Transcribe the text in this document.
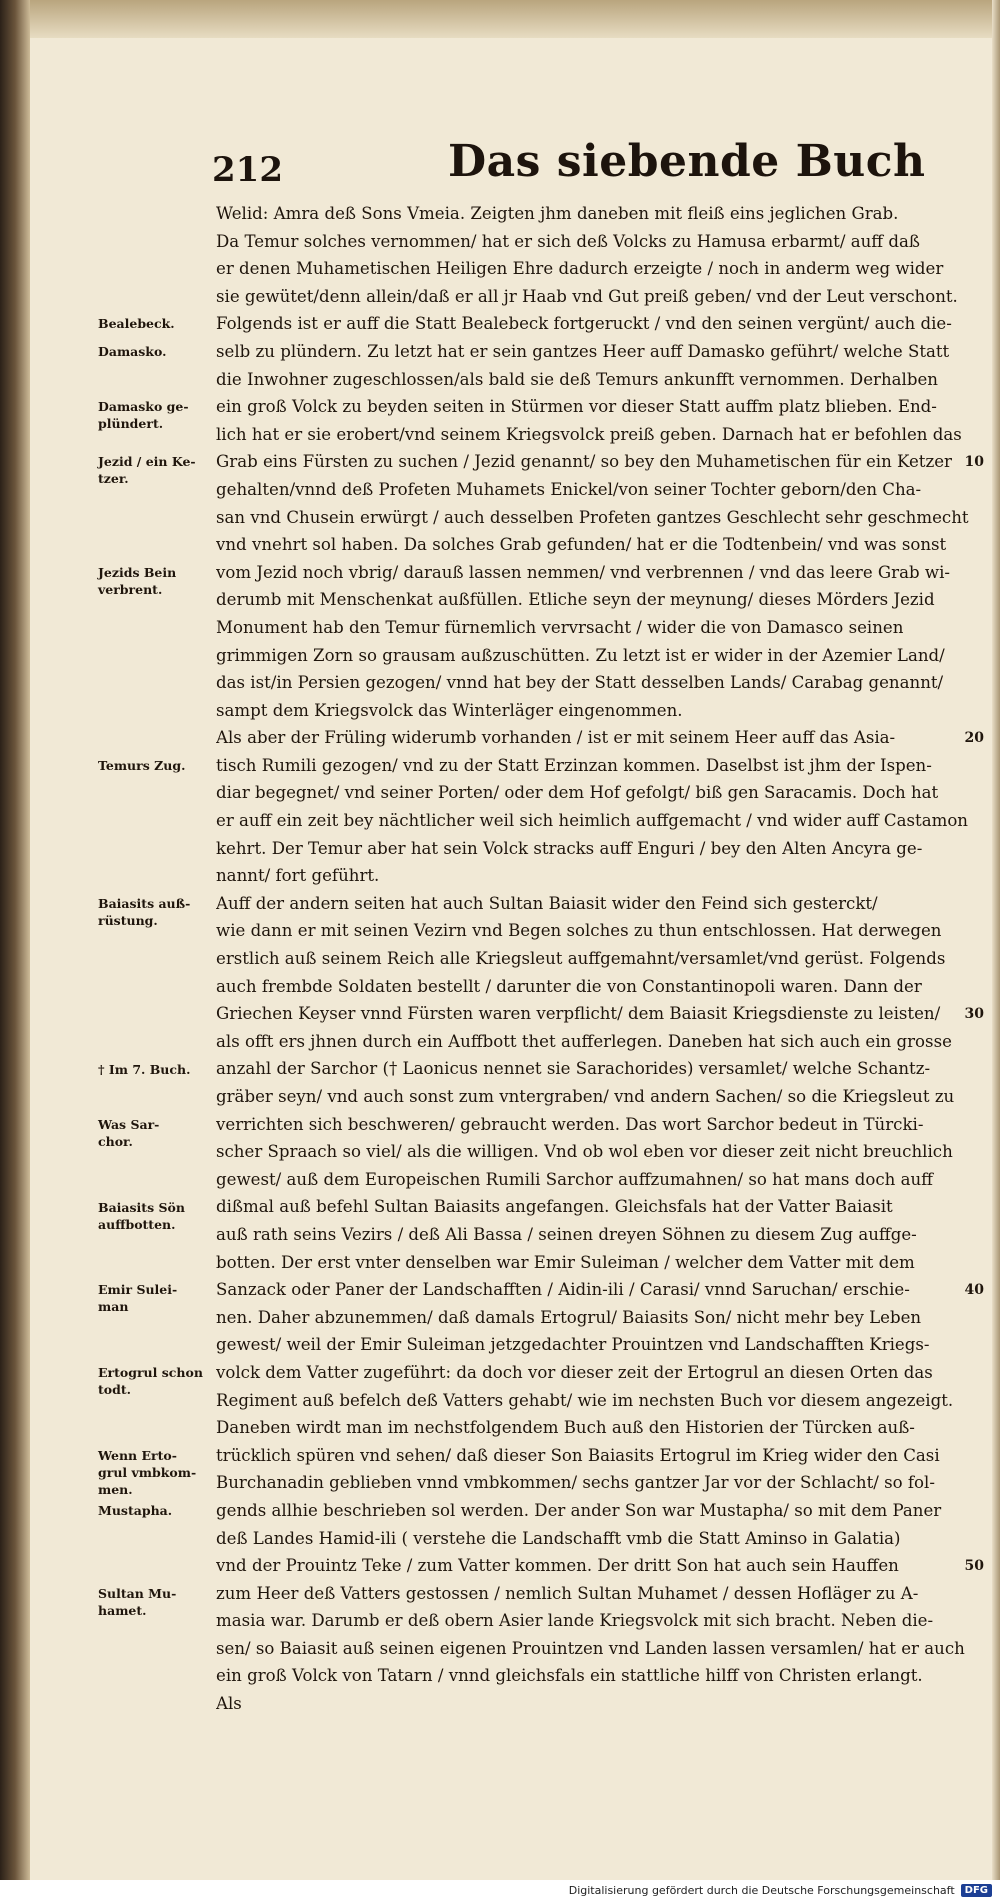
212	Das siebende Buch
Welid: Amra deß Sons Vmeia. Zeigten jhm daneben mit fleiß eins jeglichen Grab.
Da Temur solches vernommen/ hat er sich deß Volcks zu Hamusa erbarmt/ auff daß
er denen Muhametischen Heiligen Ehre dadurch erzeigte / noch in anderm weg wider
sie gewütet/denn allein/daß er all jr Haab vnd Gut preiß geben/ vnd der Leut verschont.
Folgends ist er auff die Statt Bealebeck fortgeruckt / vnd den seinen vergünt/ auch die-
selb zu plündern. Zu letzt hat er sein gantzes Heer auff Damasko geführt/ welche Statt
die Inwohner zugeschlossen/als bald sie deß Temurs ankunfft vernommen. Derhalben
ein groß Volck zu beyden seiten in Stürmen vor dieser Statt auffm platz blieben. End-
lich hat er sie erobert/vnd seinem Kriegsvolck preiß geben. Darnach hat er befohlen das
Grab eins Fürsten zu suchen / Jezid genannt/ so bey den Muhametischen für ein Ketzer
gehalten/vnnd deß Profeten Muhamets Enickel/von seiner Tochter geborn/den Cha-
san vnd Chusein erwürgt / auch desselben Profeten gantzes Geschlecht sehr geschmecht
vnd vnehrt sol haben. Da solches Grab gefunden/ hat er die Todtenbein/ vnd was sonst
vom Jezid noch vbrig/ darauß lassen nemmen/ vnd verbrennen / vnd das leere Grab wi-
derumb mit Menschenkat außfüllen. Etliche seyn der meynung/ dieses Mörders Jezid
Monument hab den Temur fürnemlich vervrsacht / wider die von Damasco seinen
grimmigen Zorn so grausam außzuschütten. Zu letzt ist er wider in der Azemier Land/
das ist/in Persien gezogen/ vnnd hat bey der Statt desselben Lands/ Carabag genannt/
sampt dem Kriegsvolck das Winterläger eingenommen.
Als aber der Früling widerumb vorhanden / ist er mit seinem Heer auff das Asia-
tisch Rumili gezogen/ vnd zu der Statt Erzinzan kommen. Daselbst ist jhm der Ispen-
diar begegnet/ vnd seiner Porten/ oder dem Hof gefolgt/ biß gen Saracamis. Doch hat
er auff ein zeit bey nächtlicher weil sich heimlich auffgemacht / vnd wider auff Castamon
kehrt. Der Temur aber hat sein Volck stracks auff Enguri / bey den Alten Ancyra ge-
nannt/ fort geführt.
Auff der andern seiten hat auch Sultan Baiasit wider den Feind sich gesterckt/
wie dann er mit seinen Vezirn vnd Begen solches zu thun entschlossen. Hat derwegen
erstlich auß seinem Reich alle Kriegsleut auffgemahnt/versamlet/vnd gerüst. Folgends
auch frembde Soldaten bestellt / darunter die von Constantinopoli waren. Dann der
Griechen Keyser vnnd Fürsten waren verpflicht/ dem Baiasit Kriegsdienste zu leisten/
als offt ers jhnen durch ein Auffbott thet aufferlegen. Daneben hat sich auch ein grosse
anzahl der Sarchor († Laonicus nennet sie Sarachorides) versamlet/ welche Schantz-
gräber seyn/ vnd auch sonst zum vntergraben/ vnd andern Sachen/ so die Kriegsleut zu
verrichten sich beschweren/ gebraucht werden. Das wort Sarchor bedeut in Türcki-
scher Spraach so viel/ als die willigen. Vnd ob wol eben vor dieser zeit nicht breuchlich
gewest/ auß dem Europeischen Rumili Sarchor auffzumahnen/ so hat mans doch auff
dißmal auß befehl Sultan Baiasits angefangen. Gleichsfals hat der Vatter Baiasit
auß rath seins Vezirs / deß Ali Bassa / seinen dreyen Söhnen zu diesem Zug auffge-
botten. Der erst vnter denselben war Emir Suleiman / welcher dem Vatter mit dem
Sanzack oder Paner der Landschafften / Aidin-ili / Carasi/ vnnd Saruchan/ erschie-
nen. Daher abzunemmen/ daß damals Ertogrul/ Baiasits Son/ nicht mehr bey Leben
gewest/ weil der Emir Suleiman jetzgedachter Prouintzen vnd Landschafften Kriegs-
volck dem Vatter zugeführt: da doch vor dieser zeit der Ertogrul an diesen Orten das
Regiment auß befelch deß Vatters gehabt/ wie im nechsten Buch vor diesem angezeigt.
Daneben wirdt man im nechstfolgendem Buch auß den Historien der Türcken auß-
trücklich spüren vnd sehen/ daß dieser Son Baiasits Ertogrul im Krieg wider den Casi
Burchanadin geblieben vnnd vmbkommen/ sechs gantzer Jar vor der Schlacht/ so fol-
gends allhie beschrieben sol werden. Der ander Son war Mustapha/ so mit dem Paner
deß Landes Hamid-ili ( verstehe die Landschafft vmb die Statt Aminso in Galatia)
vnd der Prouintz Teke / zum Vatter kommen. Der dritt Son hat auch sein Hauffen
zum Heer deß Vatters gestossen / nemlich Sultan Muhamet / dessen Hofläger zu A-
masia war. Darumb er deß obern Asier lande Kriegsvolck mit sich bracht. Neben die-
sen/ so Baiasit auß seinen eigenen Prouintzen vnd Landen lassen versamlen/ hat er auch
ein groß Volck von Tatarn / vnnd gleichsfals ein stattliche hilff von Christen erlangt.
Als
Bealebeck.
Damasko.
Damasko ge-
plündert.
Jezid / ein Ke-
tzer.
Jezids Bein
verbrent.
Temurs Zug.
Baiasits auß-
rüstung.
† Im 7. Buch.
Was Sar-
chor.
Baiasits Sön
auffbotten.
Emir Sulei-
man
Ertogrul schon
todt.
Wenn Erto-
grul vmbkom-
men.
Mustapha.
Sultan Mu-
hamet.
10
20
30
40
50
Digitalisierung gefördert durch die Deutsche Forschungsgemeinschaft	DFG
